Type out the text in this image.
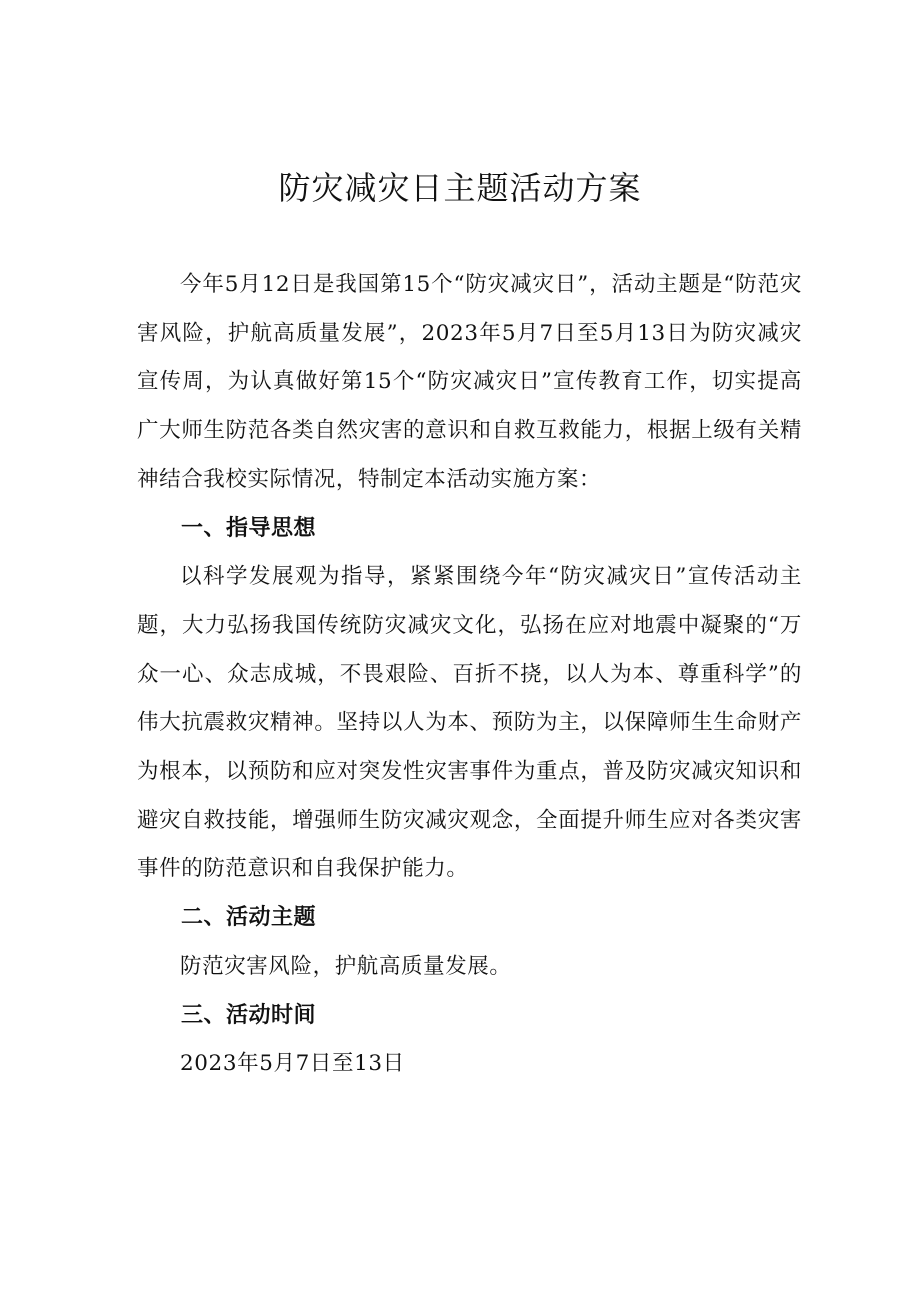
防灾减灾日主题活动方案

今年5月12日是我国第15个“防灾减灾日”，活动主题是“防范灾害风险，护航高质量发展”，2023年5月7日至5月13日为防灾减灾宣传周，为认真做好第15个“防灾减灾日”宣传教育工作，切实提高广大师生防范各类自然灾害的意识和自救互救能力，根据上级有关精神结合我校实际情况，特制定本活动实施方案：

一、指导思想

以科学发展观为指导，紧紧围绕今年“防灾减灾日”宣传活动主题，大力弘扬我国传统防灾减灾文化，弘扬在应对地震中凝聚的“万众一心、众志成城，不畏艰险、百折不挠，以人为本、尊重科学”的伟大抗震救灾精神。坚持以人为本、预防为主，以保障师生生命财产为根本，以预防和应对突发性灾害事件为重点，普及防灾减灾知识和避灾自救技能，增强师生防灾减灾观念，全面提升师生应对各类灾害事件的防范意识和自我保护能力。

二、活动主题

防范灾害风险，护航高质量发展。

三、活动时间

2023年5月7日至13日
